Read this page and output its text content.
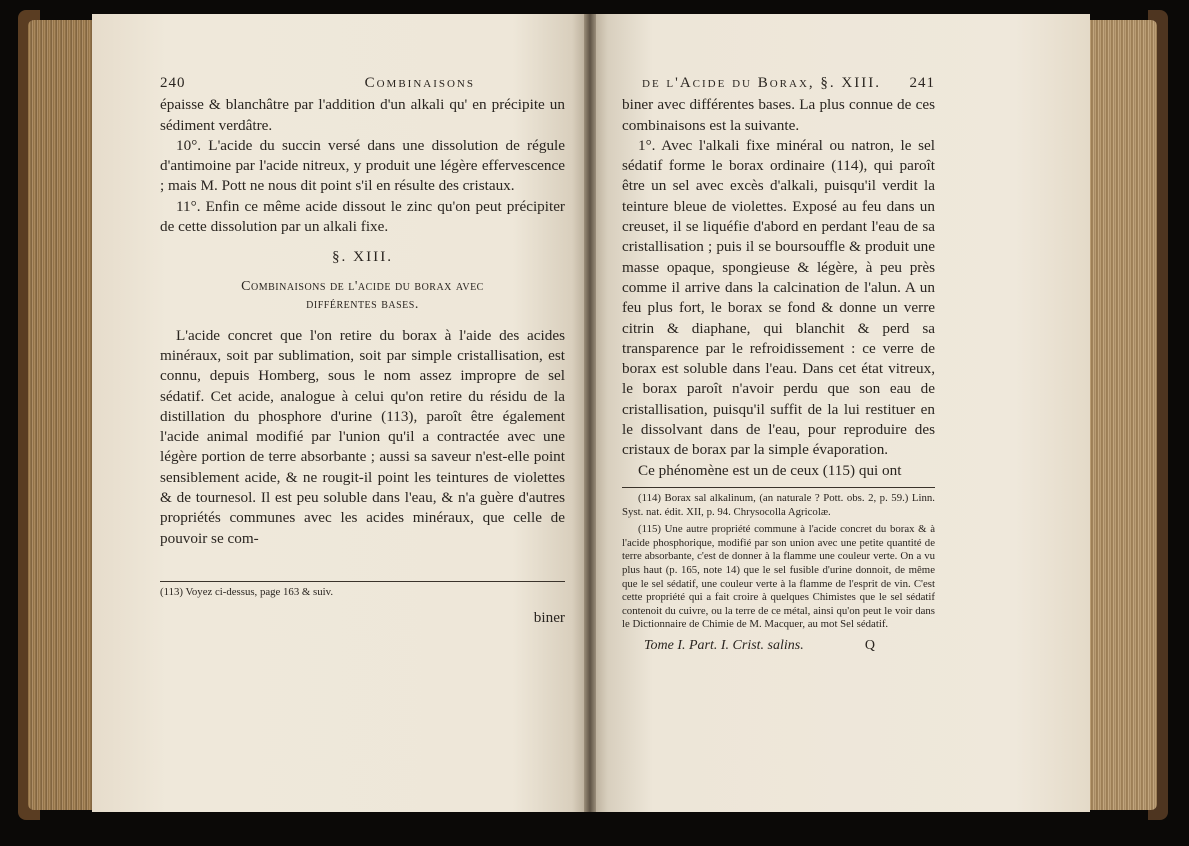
240	Combinaisons

épaisse & blanchâtre par l'addition d'un alkali qu' en précipite un sédiment verdâtre.

10°. L'acide du succin versé dans une dissolution de régule d'antimoine par l'acide nitreux, y produit une légère effervescence ; mais M. Pott ne nous dit point s'il en résulte des cristaux.

11°. Enfin ce même acide dissout le zinc qu'on peut précipiter de cette dissolution par un alkali fixe.

§. XIII.

Combinaisons de l'acide du borax avec
différentes bases.

L'acide concret que l'on retire du borax à l'aide des acides minéraux, soit par sublimation, soit par simple cristallisation, est connu, depuis Homberg, sous le nom assez impropre de sel sédatif. Cet acide, analogue à celui qu'on retire du résidu de la distillation du phosphore d'urine (113), paroît être également l'acide animal modifié par l'union qu'il a contractée avec une légère portion de terre absorbante ; aussi sa saveur n'est-elle point sensiblement acide, & ne rougit-il point les teintures de violettes & de tournesol. Il est peu soluble dans l'eau, & n'a guère d'autres propriétés communes avec les acides minéraux, que celle de pouvoir se com-

(113) Voyez ci-dessus, page 163 & suiv.

biner

de l'Acide du Borax, §. XIII. 241

biner avec différentes bases. La plus connue de ces combinaisons est la suivante.

1°. Avec l'alkali fixe minéral ou natron, le sel sédatif forme le borax ordinaire (114), qui paroît être un sel avec excès d'alkali, puisqu'il verdit la teinture bleue de violettes. Exposé au feu dans un creuset, il se liquéfie d'abord en perdant l'eau de sa cristallisation ; puis il se boursouffle & produit une masse opaque, spongieuse & légère, à peu près comme il arrive dans la calcination de l'alun. A un feu plus fort, le borax se fond & donne un verre citrin & diaphane, qui blanchit & perd sa transparence par le refroidissement : ce verre de borax est soluble dans l'eau. Dans cet état vitreux, le borax paroît n'avoir perdu que son eau de cristallisation, puisqu'il suffit de la lui restituer en le dissolvant dans de l'eau, pour reproduire des cristaux de borax par la simple évaporation.

Ce phénomène est un de ceux (115) qui ont

(114) Borax sal alkalinum, (an naturale ? Pott. obs. 2, p. 59.) Linn. Syst. nat. édit. XII, p. 94. Chrysocolla Agricolæ.

(115) Une autre propriété commune à l'acide concret du borax & à l'acide phosphorique, modifié par son union avec une petite quantité de terre absorbante, c'est de donner à la flamme une couleur verte. On a vu plus haut (p. 165, note 14) que le sel fusible d'urine donnoit, de même que le sel sédatif, une couleur verte à la flamme de l'esprit de vin. C'est cette propriété qui a fait croire à quelques Chimistes que le sel sédatif contenoit du cuivre, ou la terre de ce métal, ainsi qu'on peut le voir dans le Dictionnaire de Chimie de M. Macquer, au mot Sel sédatif.

Tome I. Part. I. Crist. salins.	Q
